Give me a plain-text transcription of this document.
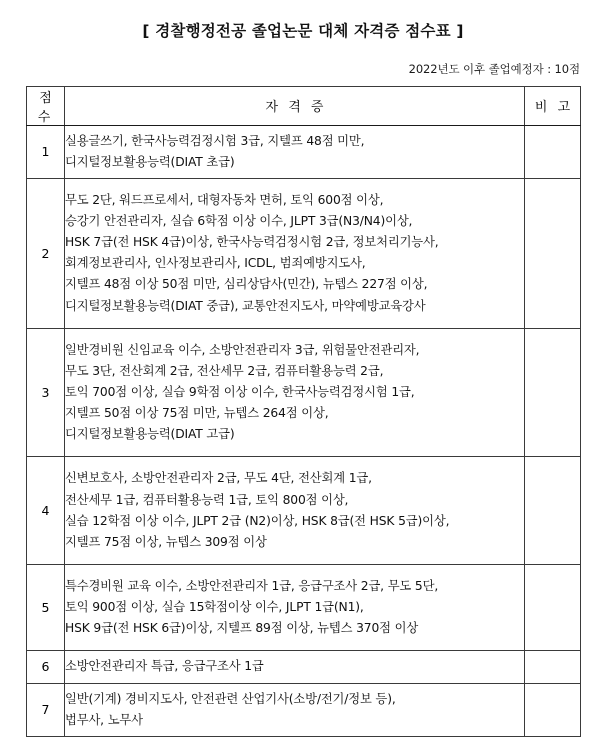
[ 경찰행정전공 졸업논문 대체 자격증 점수표 ]
2022년도 이후 졸업예정자 : 10점
점 수	자 격 증	비 고
1	실용글쓰기, 한국사능력검정시험 3급, 지텔프 48점 미만,
디지털정보활용능력(DIAT 초급)	

2	
무도 2단, 워드프로세서, 대형자동차 면허, 토익 600점 이상,
승강기 안전관리자, 실습 6학점 이상 이수, JLPT 3급(N3/N4)이상,
HSK 7급(전 HSK 4급)이상, 한국사능력검정시험 2급, 정보처리기능사,
회계정보관리사, 인사정보관리사, ICDL, 범죄예방지도사,
지텔프 48점 이상 50점 미만, 심리상담사(민간), 뉴텝스 227점 이상,
디지털정보활용능력(DIAT 중급), 교통안전지도사, 마약예방교육강사

3	일반경비원 신임교육 이수, 소방안전관리자 3급, 위험물안전관리자,
무도 3단, 전산회계 2급, 전산세무 2급, 컴퓨터활용능력 2급,
토익 700점 이상, 실습 9학점 이상 이수, 한국사능력검정시험 1급,
지텔프 50점 이상 75점 미만, 뉴텝스 264점 이상,
디지털정보활용능력(DIAT 고급)	

4	신변보호사, 소방안전관리자 2급, 무도 4단, 전산회계 1급,
전산세무 1급, 컴퓨터활용능력 1급, 토익 800점 이상,
실습 12학점 이상 이수, JLPT 2급 (N2)이상, HSK 8급(전 HSK 5급)이상,
지텔프 75점 이상, 뉴텝스 309점 이상	

5	특수경비원 교육 이수, 소방안전관리자 1급, 응급구조사 2급, 무도 5단,
토익 900점 이상, 실습 15학점이상 이수, JLPT 1급(N1),
HSK 9급(전 HSK 6급)이상, 지텔프 89점 이상, 뉴텝스 370점 이상	

6	소방안전관리자 특급, 응급구조사 1급	

7	일반(기계) 경비지도사, 안전관련 산업기사(소방/전기/정보 등),
법무사, 노무사	
